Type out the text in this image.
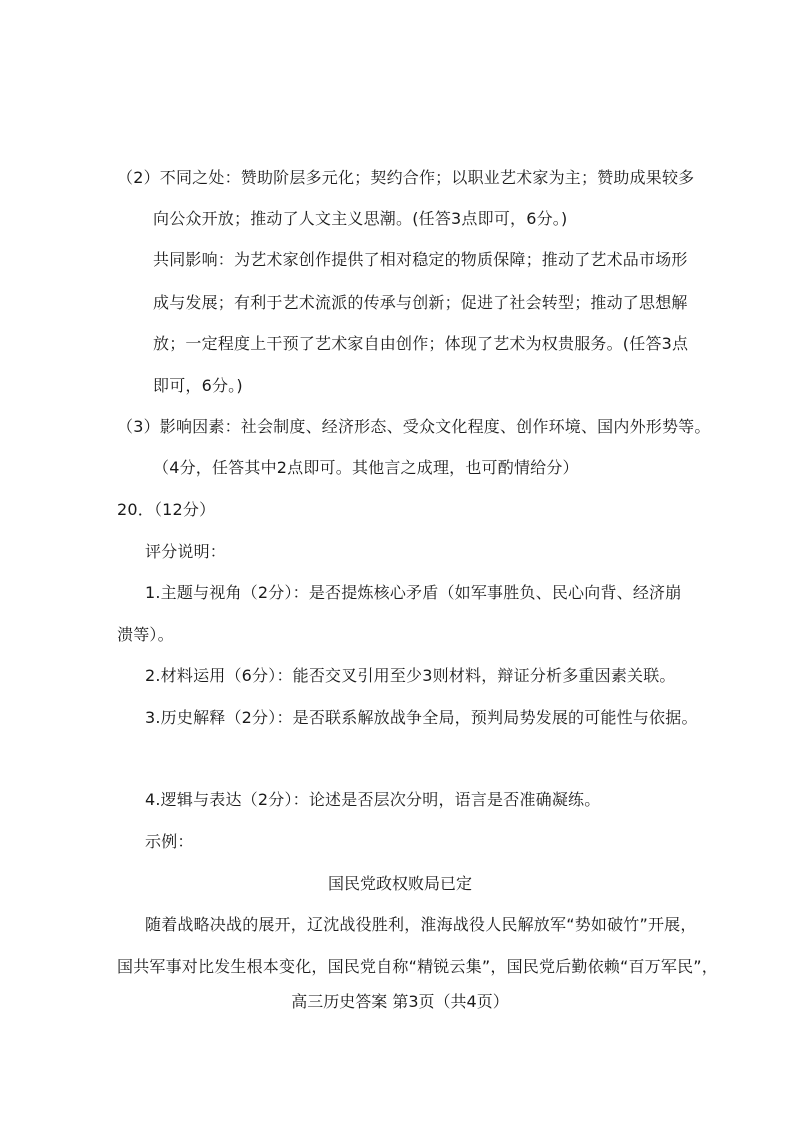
（2）不同之处：赞助阶层多元化；契约合作；以职业艺术家为主；赞助成果较多
向公众开放；推动了人文主义思潮。(任答3点即可，6分。)
共同影响：为艺术家创作提供了相对稳定的物质保障；推动了艺术品市场形
成与发展；有利于艺术流派的传承与创新；促进了社会转型；推动了思想解
放；一定程度上干预了艺术家自由创作；体现了艺术为权贵服务。(任答3点
即可，6分。)
（3）影响因素：社会制度、经济形态、受众文化程度、创作环境、国内外形势等。
（4分，任答其中2点即可。其他言之成理，也可酌情给分）
20．（12分）
评分说明：
1.主题与视角（2分）：是否提炼核心矛盾（如军事胜负、民心向背、经济崩
溃等）。
2.材料运用（6分）：能否交叉引用至少3则材料，辩证分析多重因素关联。
3.历史解释（2分）：是否联系解放战争全局，预判局势发展的可能性与依据。
4.逻辑与表达（2分）：论述是否层次分明，语言是否准确凝练。
示例：
国民党政权败局已定
随着战略决战的展开，辽沈战役胜利，淮海战役人民解放军“势如破竹”开展，
国共军事对比发生根本变化，国民党自称“精锐云集”，国民党后勤依赖“百万军民”，
高三历史答案 第3页（共4页）
